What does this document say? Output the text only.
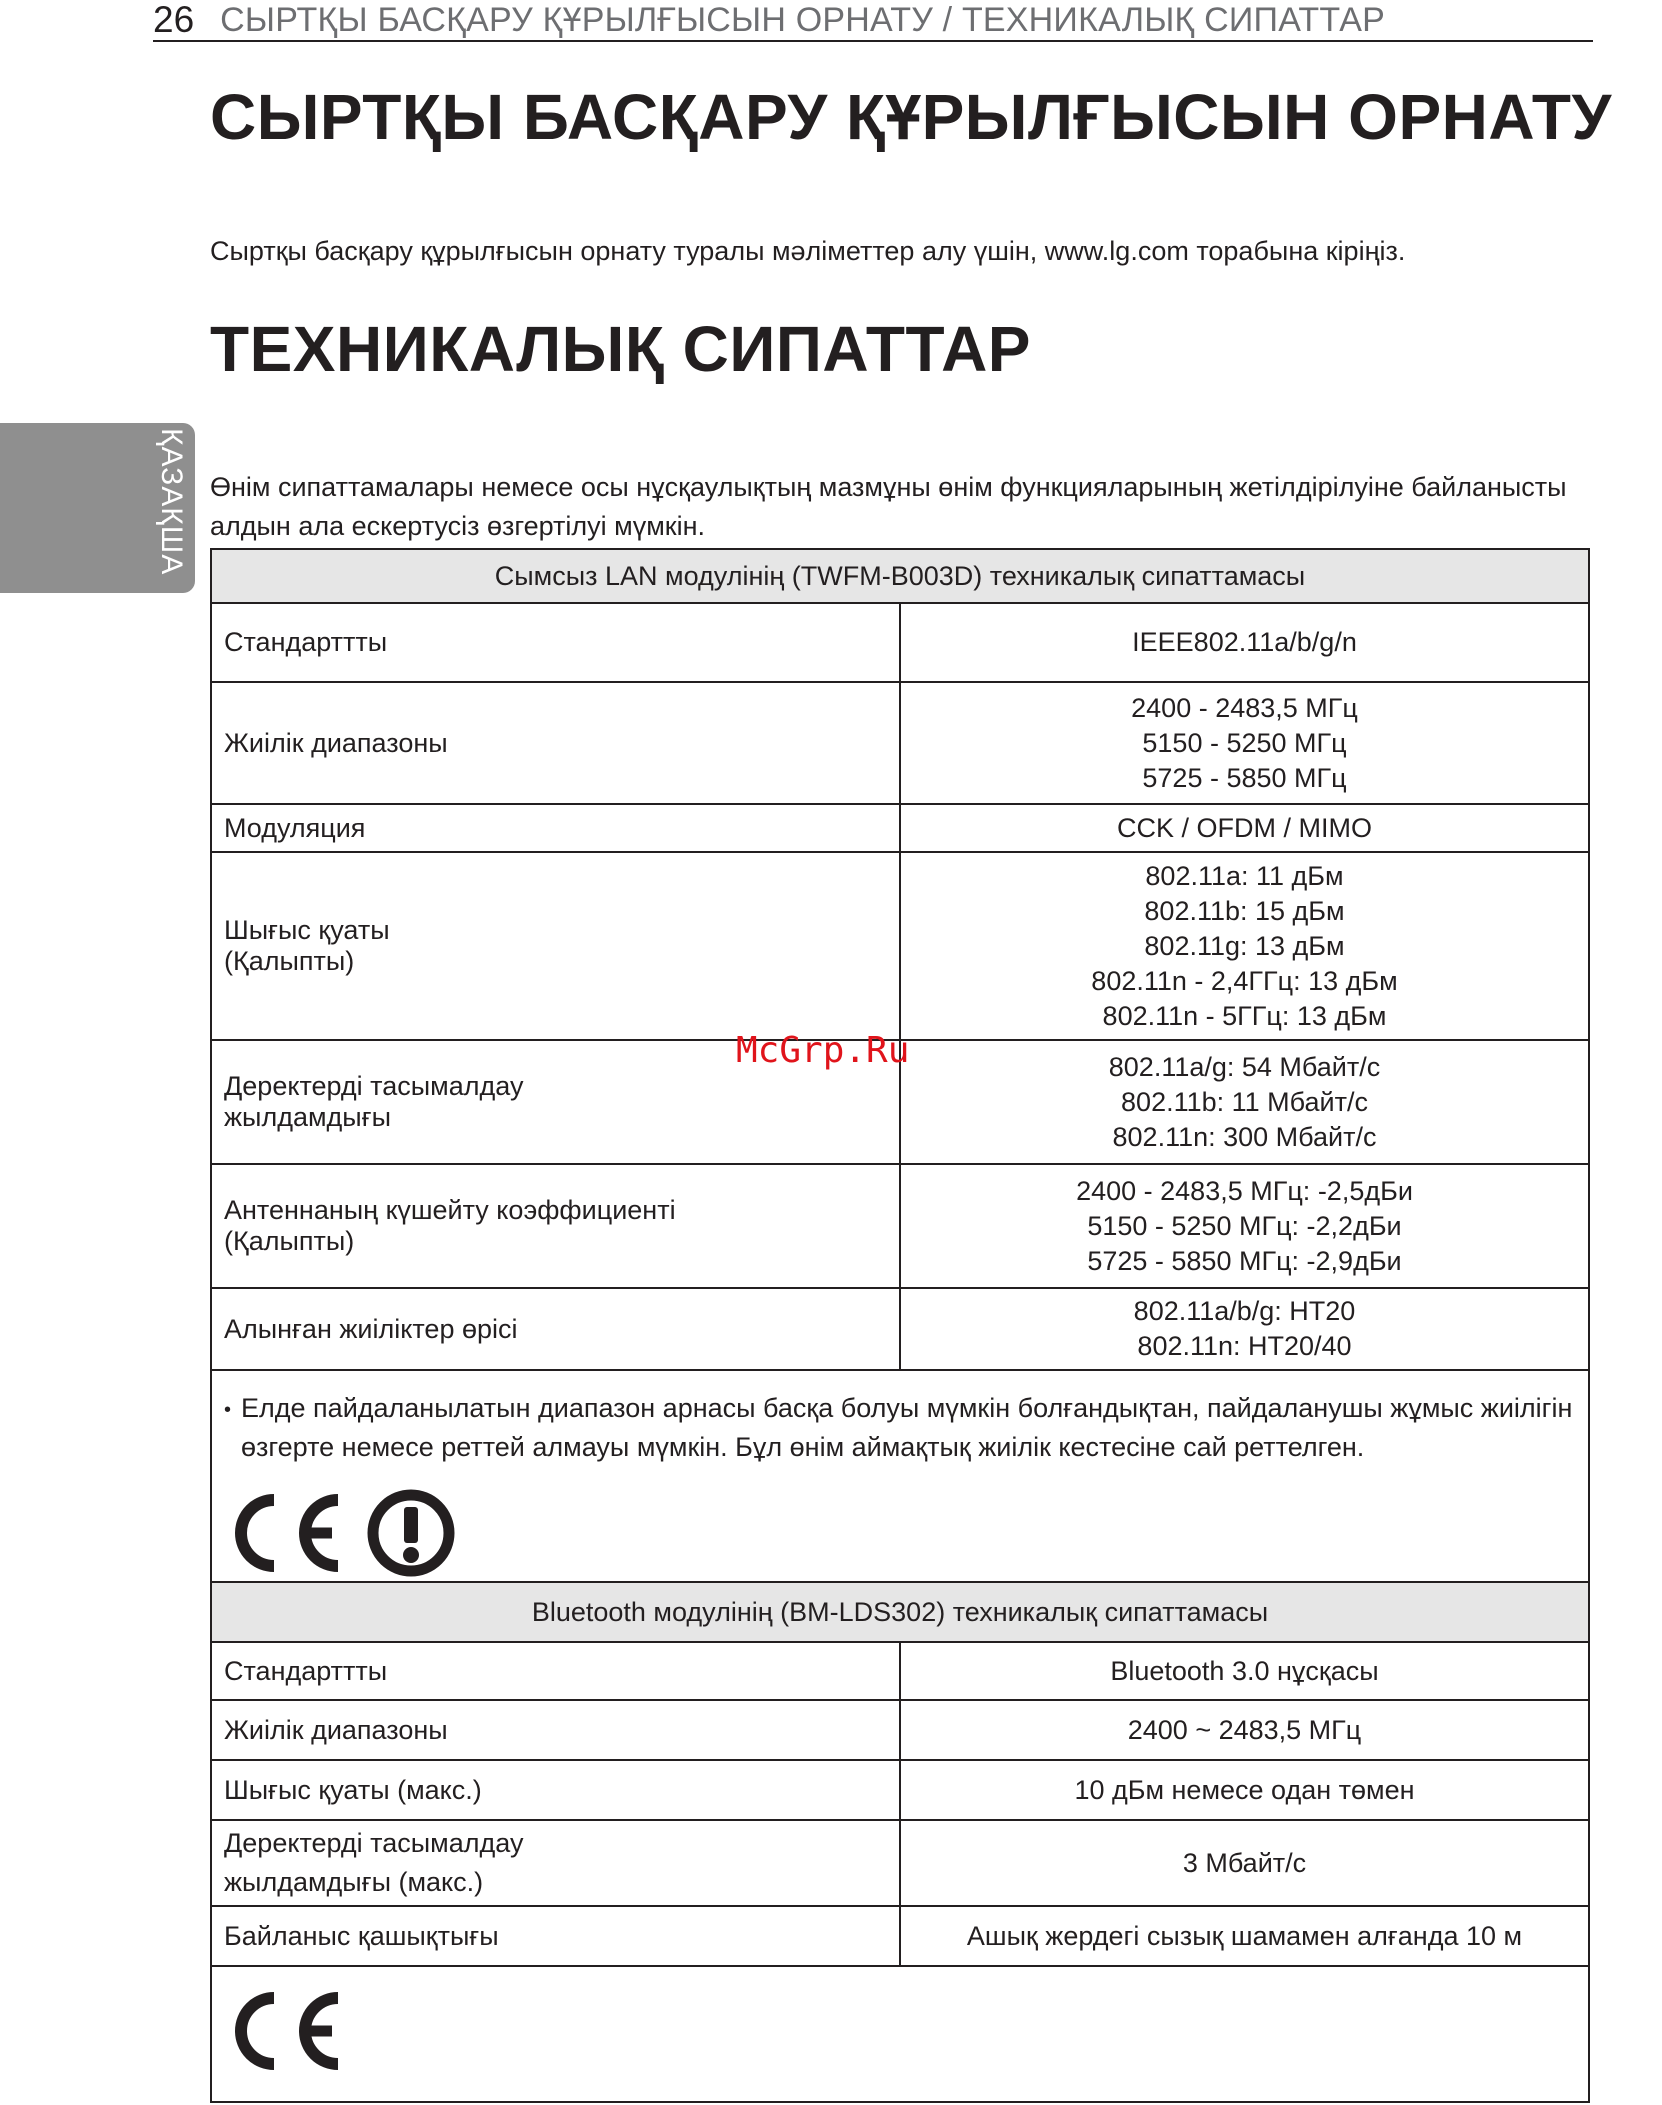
26 СЫРТҚЫ БАСҚАРУ ҚҰРЫЛҒЫСЫН ОРНАТУ / ТЕХНИКАЛЫҚ СИПАТТАР
ҚАЗАҚША
СЫРТҚЫ БАСҚАРУ ҚҰРЫЛҒЫСЫН ОРНАТУ
Сыртқы басқару құрылғысын орнату туралы мәліметтер алу үшін, www.lg.com торабына кіріңіз.
ТЕХНИКАЛЫҚ СИПАТТАР
Өнім сипаттамалары немесе осы нұсқаулықтың мазмұны өнім функцияларының жетілдірілуіне байланысты алдын ала ескертусіз өзгертілуі мүмкін.
Сымсыз LAN модулінің (TWFM-B003D) техникалық сипаттамасы	
Стандарттты	IEEE802.11a/b/g/n
Жиілік диапазоны	2400 - 2483,5 МГц
5150 - 5250 МГц
5725 - 5850 МГц
Модуляция	CCK / OFDM / MIMO
Шығыс қуаты
(Қалыпты)	802.11a: 11 дБм
802.11b: 15 дБм
802.11g: 13 дБм
802.11n - 2,4ГГц: 13 дБм
802.11n - 5ГГц: 13 дБм
Деректерді тасымалдау
жылдамдығы	802.11a/g: 54 Мбайт/с
802.11b: 11 Мбайт/с
802.11n: 300 Мбайт/с
Антеннаның күшейту коэффициенті
(Қалыпты)	2400 - 2483,5 МГц: -2,5дБи
5150 - 5250 МГц: -2,2дБи
5725 - 5850 МГц: -2,9дБи
Алынған жиіліктер өрісі	802.11a/b/g: HT20
802.11n: HT20/40

• Елде пайдаланылатын диапазон арнасы басқа болуы мүмкін болғандықтан, пайдаланушы жұмыс жиілігін өзгерте немесе реттей алмауы мүмкін. Бұл өнім аймақтық жиілік кестесіне сай реттелген.	
Bluetooth модулінің (BM-LDS302) техникалық сипаттамасы	
Стандарттты	Bluetooth 3.0 нұсқасы
Жиілік диапазоны	2400 ~ 2483,5 МГц
Шығыс қуаты (макс.)	10 дБм немесе одан төмен
Деректерді тасымалдау
жылдамдығы (макс.)	3 Мбайт/с
Байланыс қашықтығы	Ашық жердегі сызық шамамен алғанда 10 м

McGrp.Ru
